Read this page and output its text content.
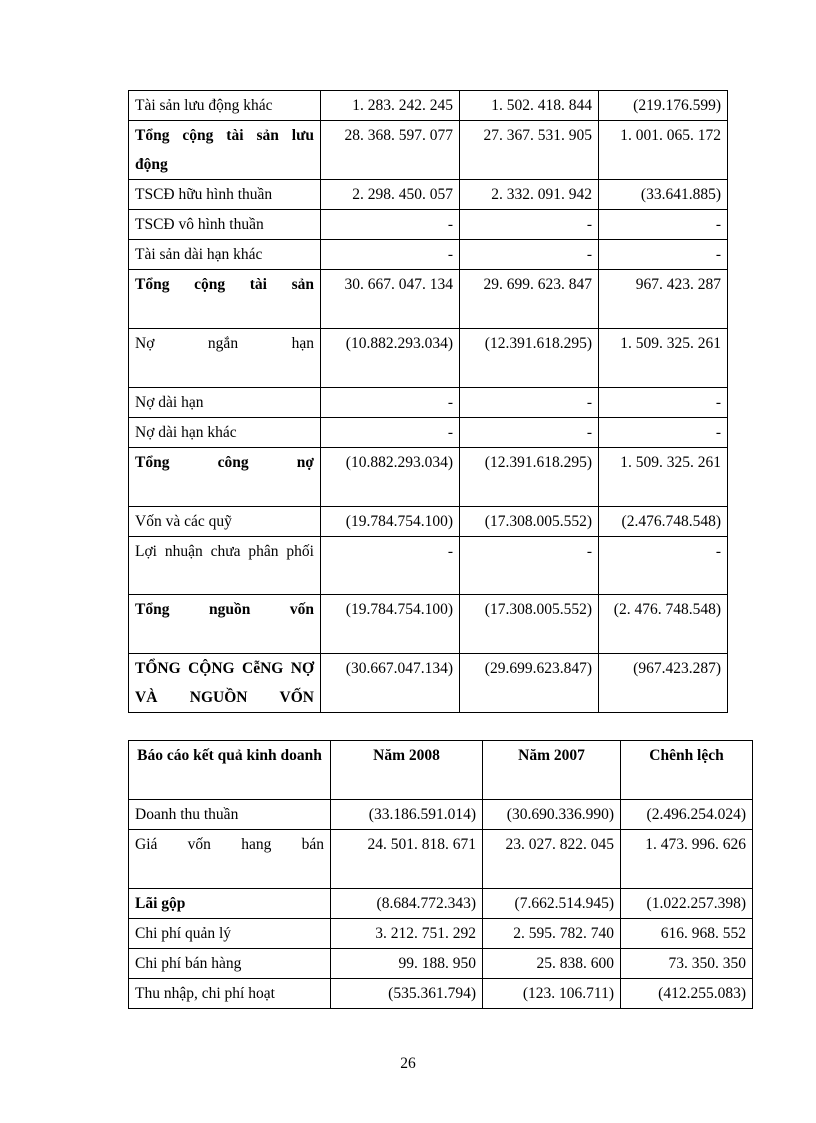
Tài sản lưu động khác	1. 283. 242. 245	1. 502. 418. 844	(219.176.599)
Tổng cộng tài sản lưu động	28. 368. 597. 077	27. 367. 531. 905	1. 001. 065. 172
TSCĐ hữu hình thuần	2. 298. 450. 057	2. 332. 091. 942	(33.641.885)
TSCĐ vô hình thuần	-	-	-
Tài sản dài hạn khác	-	-	-
Tổng cộng tài sản	30. 667. 047. 134	29. 699. 623. 847	967. 423. 287
Nợ ngắn hạn	(10.882.293.034)	(12.391.618.295)	1. 509. 325. 261
Nợ dài hạn	-	-	-
Nợ dài hạn khác	-	-	-
Tổng công nợ	(10.882.293.034)	(12.391.618.295)	1. 509. 325. 261
Vốn và các quỹ	(19.784.754.100)	(17.308.005.552)	(2.476.748.548)
Lợi nhuận chưa phân phối	-	-	-
Tổng nguồn vốn	(19.784.754.100)	(17.308.005.552)	(2. 476. 748.548)
TỔNG CỘNG CễNG NỢ VÀ NGUỒN VỐN	(30.667.047.134)	(29.699.623.847)	(967.423.287)
Báo cáo kết quả kinh doanh	Năm 2008	Năm 2007	Chênh lệch
Doanh thu thuần	(33.186.591.014)	(30.690.336.990)	(2.496.254.024)
Giá vốn hang bán	24. 501. 818. 671	23. 027. 822. 045	1. 473. 996. 626
Lãi gộp	(8.684.772.343)	(7.662.514.945)	(1.022.257.398)
Chi phí quản lý	3. 212. 751. 292	2. 595. 782. 740	616. 968. 552
Chi phí bán hàng	99. 188. 950	25. 838. 600	73. 350. 350
Thu nhập, chi phí hoạt	(535.361.794)	(123. 106.711)	(412.255.083)
26
